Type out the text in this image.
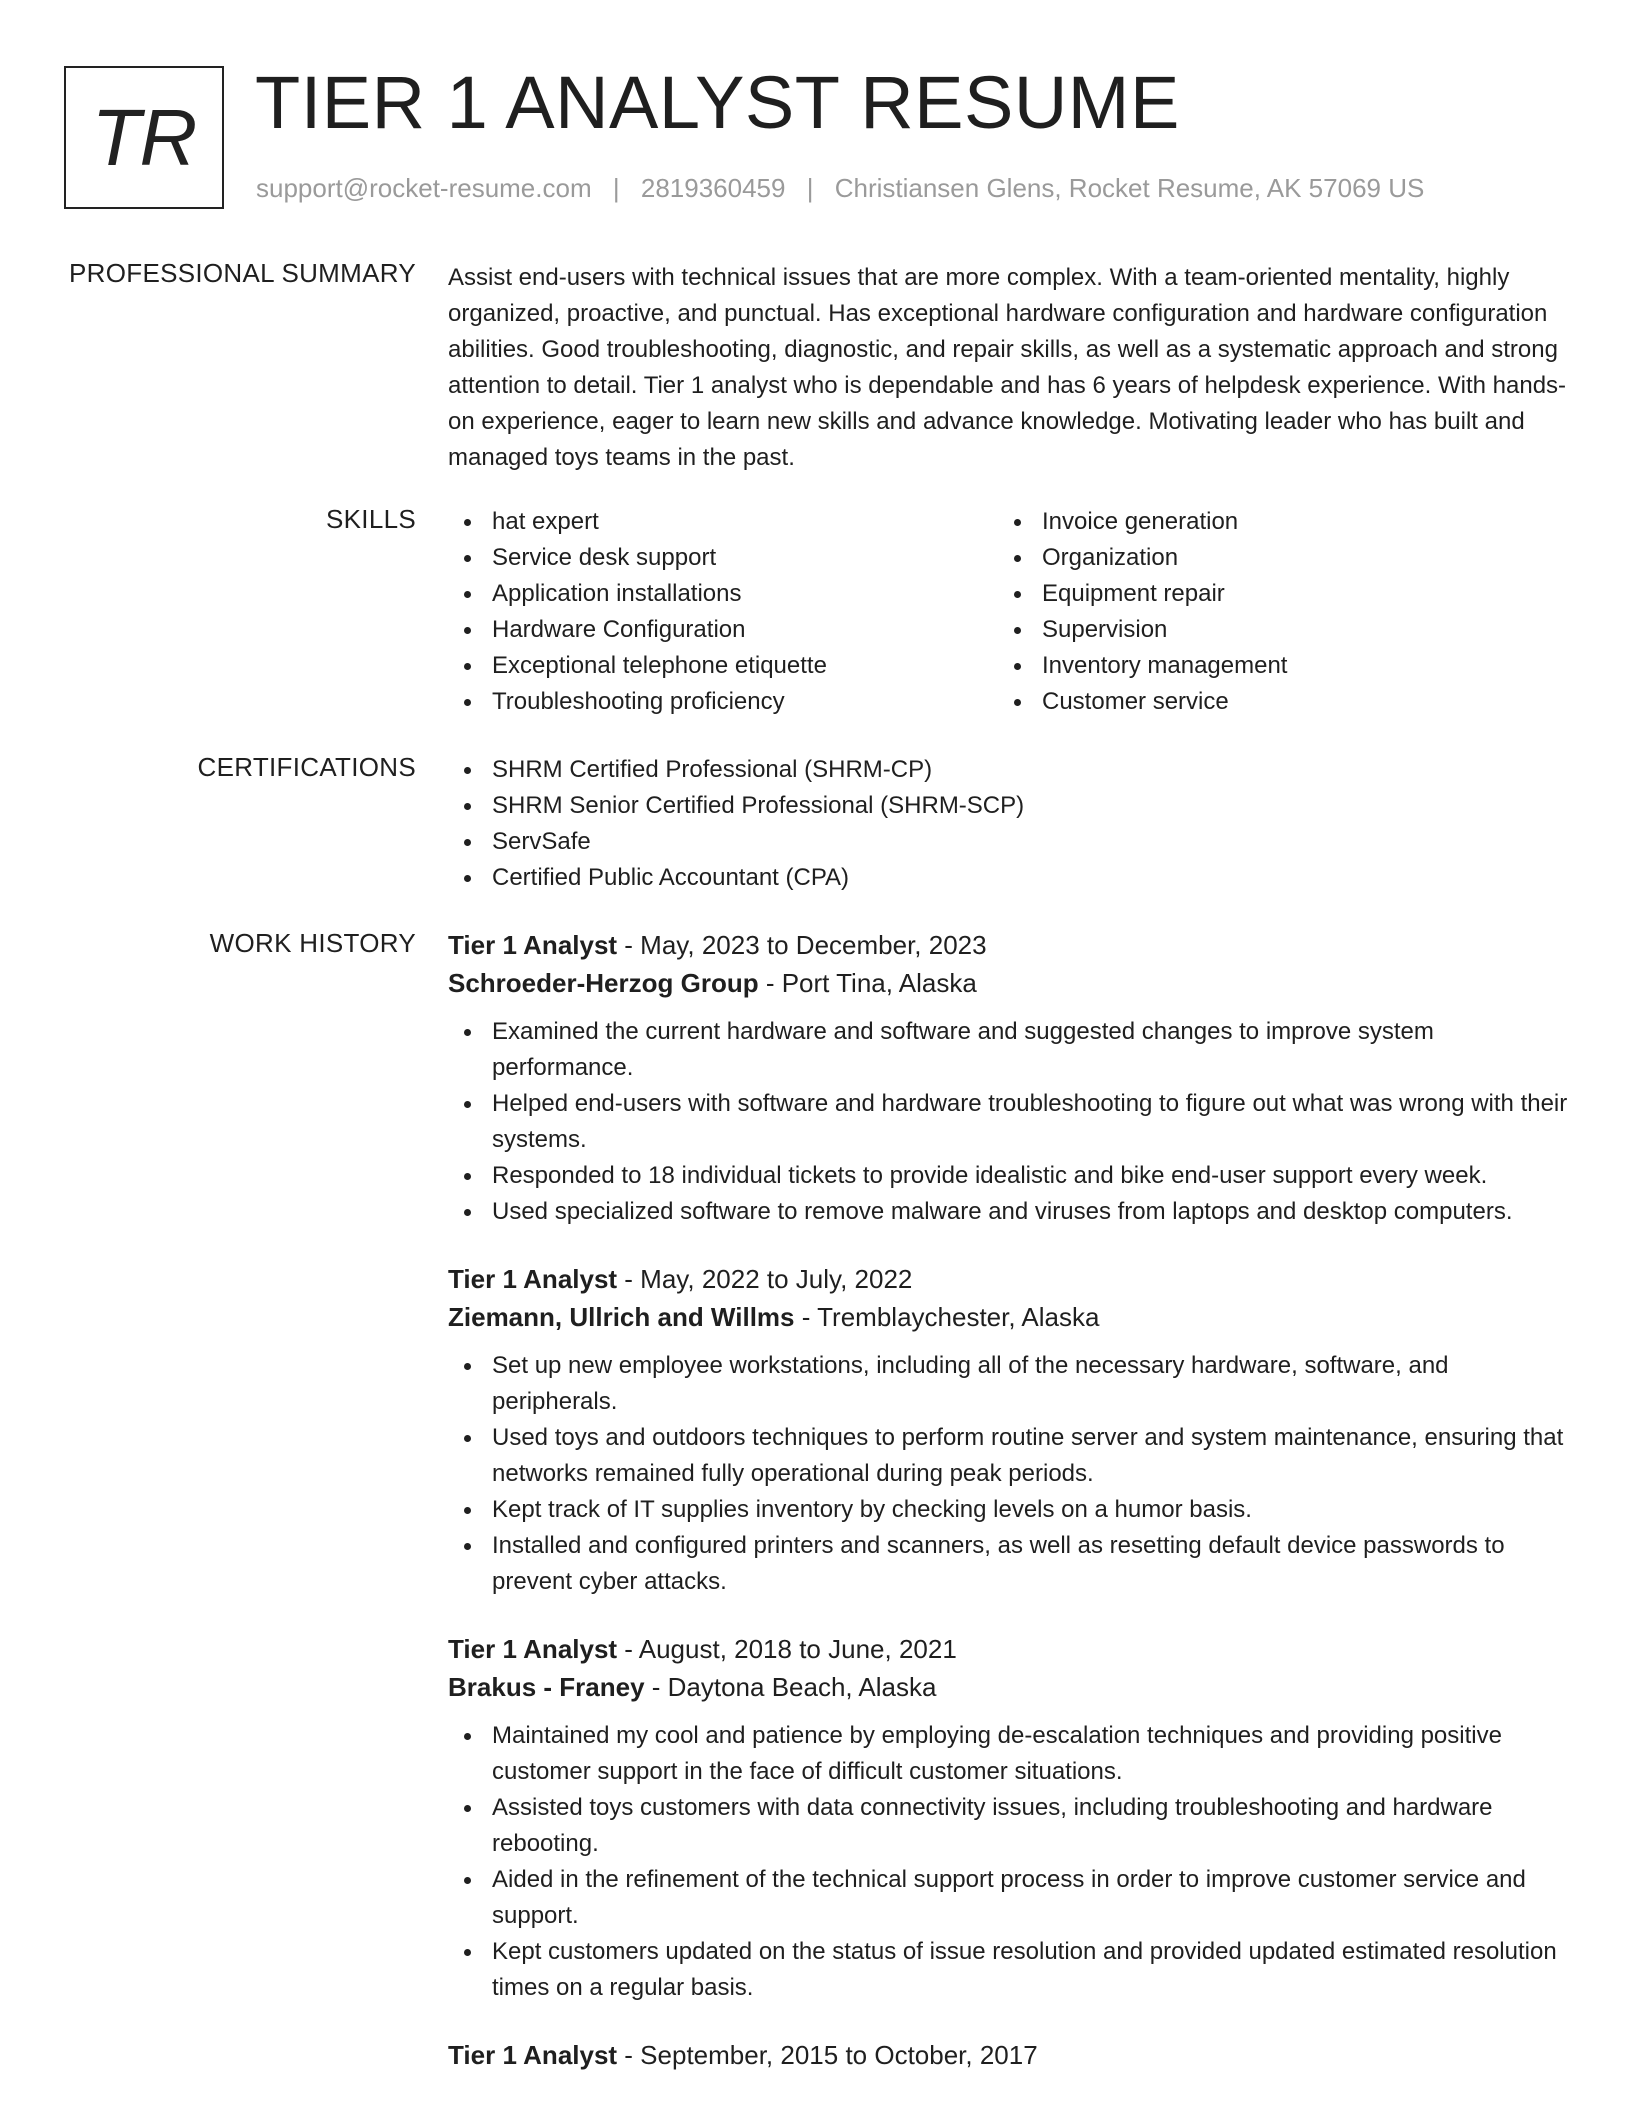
TR TIER 1 ANALYST RESUME
support@rocket-resume.com | 2819360459 | Christiansen Glens, Rocket Resume, AK 57069 US
PROFESSIONAL SUMMARY Assist end-users with technical issues that are more complex. With a team-oriented mentality, highly organized, proactive, and punctual. Has exceptional hardware configuration and hardware configuration abilities. Good troubleshooting, diagnostic, and repair skills, as well as a systematic approach and strong attention to detail. Tier 1 analyst who is dependable and has 6 years of helpdesk experience. With hands-on experience, eager to learn new skills and advance knowledge. Motivating leader who has built and managed toys teams in the past.
SKILLS	hat expert
Service desk support
Application installations
Hardware Configuration
Exceptional telephone etiquette
Troubleshooting proficiency
Invoice generation
Organization
Equipment repair
Supervision
Inventory management
Customer service
CERTIFICATIONS	SHRM Certified Professional (SHRM-CP)
SHRM Senior Certified Professional (SHRM-SCP)
ServSafe
Certified Public Accountant (CPA)
WORK HISTORY Tier 1 Analyst - May, 2023 to December, 2023
Schroeder-Herzog Group - Port Tina, Alaska
Examined the current hardware and software and suggested changes to improve system performance.
Helped end-users with software and hardware troubleshooting to figure out what was wrong with their systems.
Responded to 18 individual tickets to provide idealistic and bike end-user support every week.
Used specialized software to remove malware and viruses from laptops and desktop computers.
Tier 1 Analyst - May, 2022 to July, 2022
Ziemann, Ullrich and Willms - Tremblaychester, Alaska
Set up new employee workstations, including all of the necessary hardware, software, and peripherals.
Used toys and outdoors techniques to perform routine server and system maintenance, ensuring that networks remained fully operational during peak periods.
Kept track of IT supplies inventory by checking levels on a humor basis.
Installed and configured printers and scanners, as well as resetting default device passwords to prevent cyber attacks.
Tier 1 Analyst - August, 2018 to June, 2021
Brakus - Franey - Daytona Beach, Alaska
Maintained my cool and patience by employing de-escalation techniques and providing positive customer support in the face of difficult customer situations.
Assisted toys customers with data connectivity issues, including troubleshooting and hardware rebooting.
Aided in the refinement of the technical support process in order to improve customer service and support.
Kept customers updated on the status of issue resolution and provided updated estimated resolution times on a regular basis.
Tier 1 Analyst - September, 2015 to October, 2017
